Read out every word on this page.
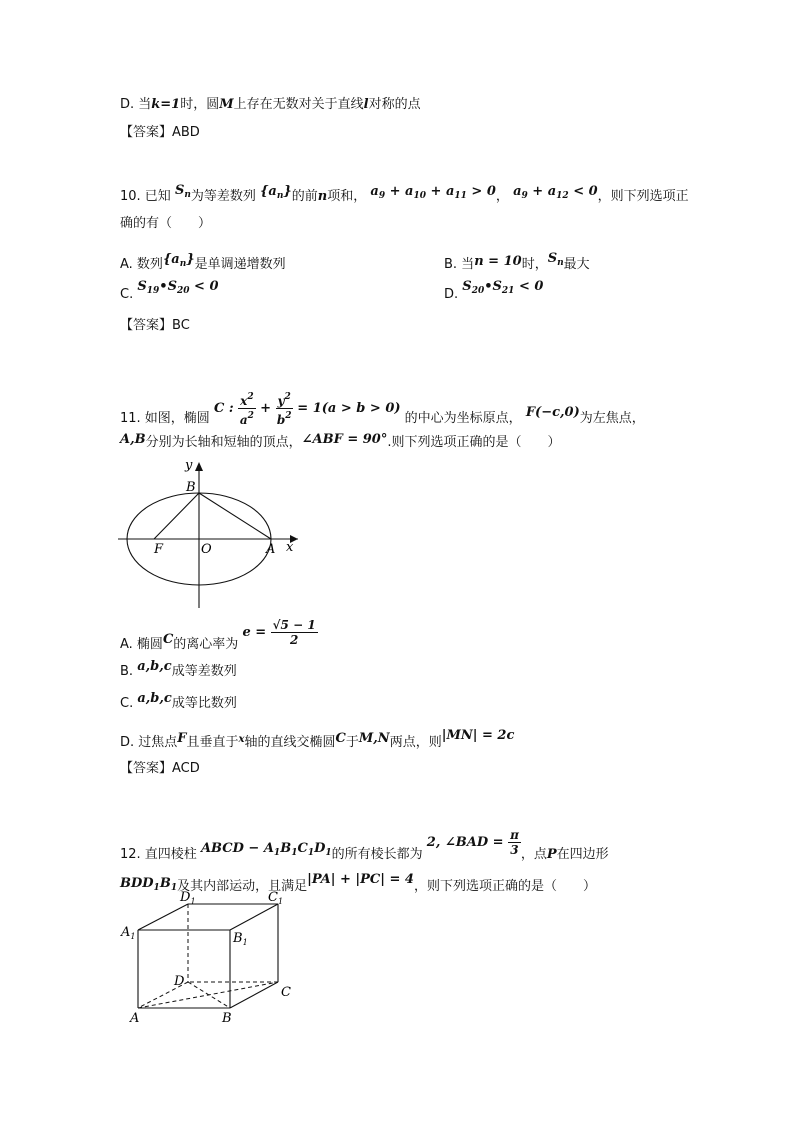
D. 当k=1时，圆M上存在无数对关于直线l对称的点
【答案】ABD
10. 已知 $S_n$为等差数列 $\{a_n\}$的前n项和， $a_9 + a_{10} + a_{11} > 0$， $a_9 + a_{12} < 0$，则下列选项正
确的有（　　）
A. 数列$\{a_n\}$是单调递增数列	B. 当n = 10时，$S_n$最大
C. $S_{19}•S_{20} < 0$
D. $S_{20}•S_{21} < 0$
【答案】BC
11. 如图，椭圆 C : $\frac{x^2}{a^2} + \frac{y^2}{b^2} = 1(a > b > 0)$ 的中心为坐标原点， F(−c,0)为左焦点，
A,B分别为长轴和短轴的顶点，∠ABF = 90°.则下列选项正确的是（　　）
y
x
B
F	O	A
A. 椭圆C的离心率为 $e = \frac{√5 - 1}{2}$
B. a,b,c成等差数列
C. a,b,c成等比数列
D. 过焦点F且垂直于$^x$轴的直线交椭圆C于M,N两点，则|MN| = 2c
【答案】ACD
12. 直四棱柱 ABCD − $A_1B_1C_1D_1$的所有棱长都为 2, ∠BAD = $\frac{\pi}{3}$ ，点P在四边形
$BDD_1B_1$及其内部运动，且满足|PA| + |PC| = 4，则下列选项正确的是（　　）
$D_1$	$C_1$
$A_1$	$B_1$
D
C
A	B
